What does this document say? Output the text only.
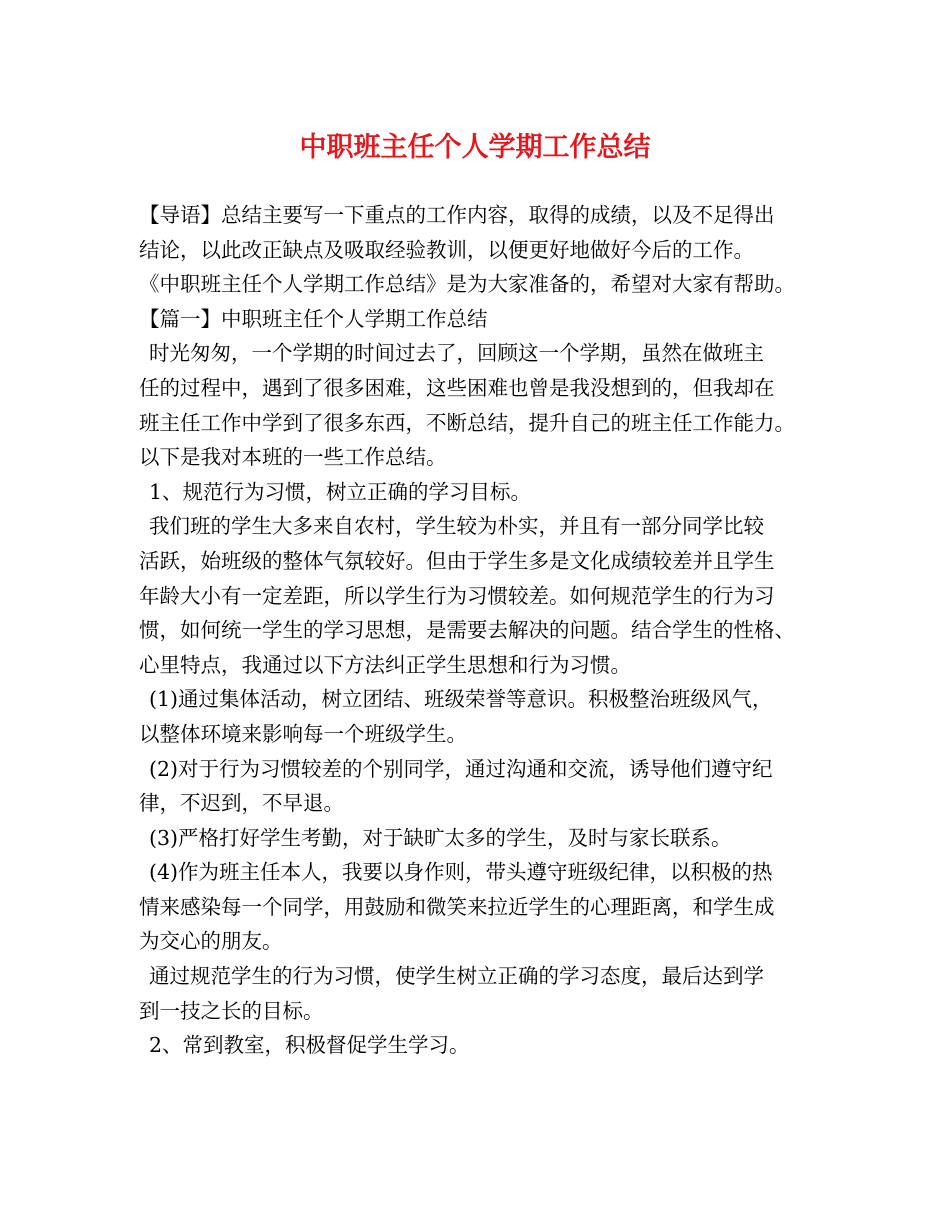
中职班主任个人学期工作总结
【导语】总结主要写一下重点的工作内容，取得的成绩，以及不足得出
结论，以此改正缺点及吸取经验教训，以便更好地做好今后的工作。
《中职班主任个人学期工作总结》是为大家准备的，希望对大家有帮助。
【篇一】中职班主任个人学期工作总结
时光匆匆，一个学期的时间过去了，回顾这一个学期，虽然在做班主
任的过程中，遇到了很多困难，这些困难也曾是我没想到的，但我却在
班主任工作中学到了很多东西，不断总结，提升自己的班主任工作能力。
以下是我对本班的一些工作总结。
1、规范行为习惯，树立正确的学习目标。
我们班的学生大多来自农村，学生较为朴实，并且有一部分同学比较
活跃，始班级的整体气氛较好。但由于学生多是文化成绩较差并且学生
年龄大小有一定差距，所以学生行为习惯较差。如何规范学生的行为习
惯，如何统一学生的学习思想，是需要去解决的问题。结合学生的性格、
心里特点，我通过以下方法纠正学生思想和行为习惯。
(1)通过集体活动，树立团结、班级荣誉等意识。积极整治班级风气，
以整体环境来影响每一个班级学生。
(2)对于行为习惯较差的个别同学，通过沟通和交流，诱导他们遵守纪
律，不迟到，不早退。
(3)严格打好学生考勤，对于缺旷太多的学生，及时与家长联系。
(4)作为班主任本人，我要以身作则，带头遵守班级纪律，以积极的热
情来感染每一个同学，用鼓励和微笑来拉近学生的心理距离，和学生成
为交心的朋友。
通过规范学生的行为习惯，使学生树立正确的学习态度，最后达到学
到一技之长的目标。
2、常到教室，积极督促学生学习。
